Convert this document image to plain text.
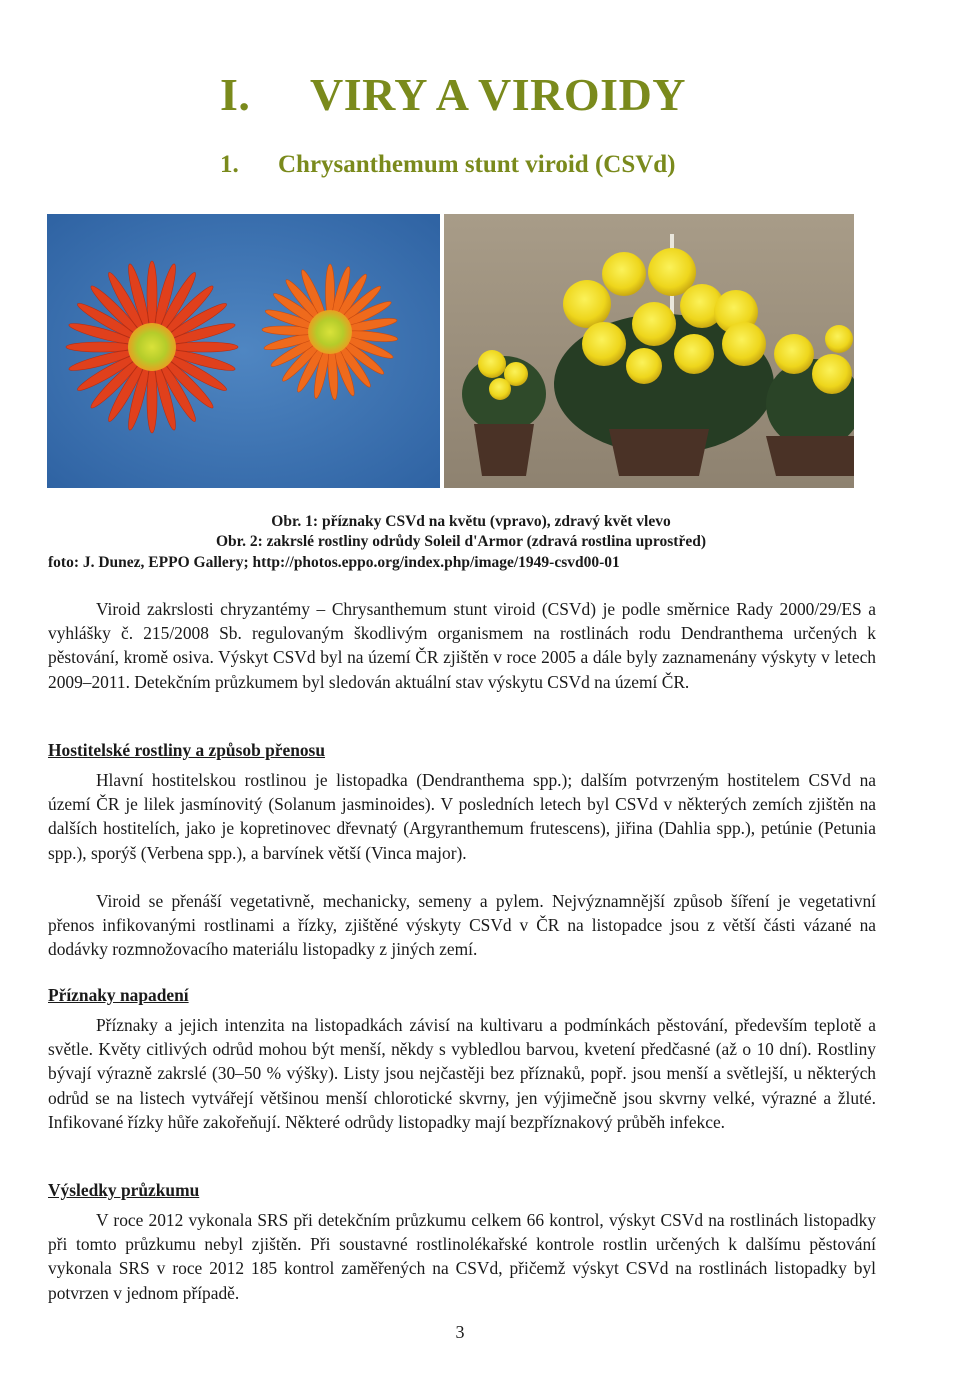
I. VIRY A VIROIDY
1. Chrysanthemum stunt viroid (CSVd)
Obr. 1: příznaky CSVd na květu (vpravo), zdravý květ vlevo
Obr. 2: zakrslé rostliny odrůdy Soleil d'Armor (zdravá rostlina uprostřed)
foto: J. Dunez, EPPO Gallery; http://photos.eppo.org/index.php/image/1949-csvd00-01
Viroid zakrslosti chryzantémy – Chrysanthemum stunt viroid (CSVd) je podle směrnice Rady 2000/29/ES a vyhlášky č. 215/2008 Sb. regulovaným škodlivým organismem na rostlinách rodu Dendranthema určených k pěstování, kromě osiva. Výskyt CSVd byl na území ČR zjištěn v roce 2005 a dále byly zaznamenány výskyty v letech 2009–2011. Detekčním průzkumem byl sledován aktuální stav výskytu CSVd na území ČR.
Hostitelské rostliny a způsob přenosu
Hlavní hostitelskou rostlinou je listopadka (Dendranthema spp.); dalším potvrzeným hostitelem CSVd na území ČR je lilek jasmínovitý (Solanum jasminoides). V posledních letech byl CSVd v některých zemích zjištěn na dalších hostitelích, jako je kopretinovec dřevnatý (Argyranthemum frutescens), jiřina (Dahlia spp.), petúnie (Petunia spp.), sporýš (Verbena spp.), a barvínek větší (Vinca major).
Viroid se přenáší vegetativně, mechanicky, semeny a pylem. Nejvýznamnější způsob šíření je vegetativní přenos infikovanými rostlinami a řízky, zjištěné výskyty CSVd v ČR na listopadce jsou z větší části vázané na dodávky rozmnožovacího materiálu listopadky z jiných zemí.
Příznaky napadení
Příznaky a jejich intenzita na listopadkách závisí na kultivaru a podmínkách pěstování, především teplotě a světle. Květy citlivých odrůd mohou být menší, někdy s vybledlou barvou, kvetení předčasné (až o 10 dní). Rostliny bývají výrazně zakrslé (30–50 % výšky). Listy jsou nejčastěji bez příznaků, popř. jsou menší a světlejší, u některých odrůd se na listech vytvářejí většinou menší chlorotické skvrny, jen výjimečně jsou skvrny velké, výrazné a žluté. Infikované řízky hůře zakořeňují. Některé odrůdy listopadky mají bezpříznakový průběh infekce.
Výsledky průzkumu
V roce 2012 vykonala SRS při detekčním průzkumu celkem 66 kontrol, výskyt CSVd na rostlinách listopadky při tomto průzkumu nebyl zjištěn. Při soustavné rostlinolékařské kontrole rostlin určených k dalšímu pěstování vykonala SRS v roce 2012 185 kontrol zaměřených na CSVd, přičemž výskyt CSVd na rostlinách listopadky byl potvrzen v jednom případě.
3
